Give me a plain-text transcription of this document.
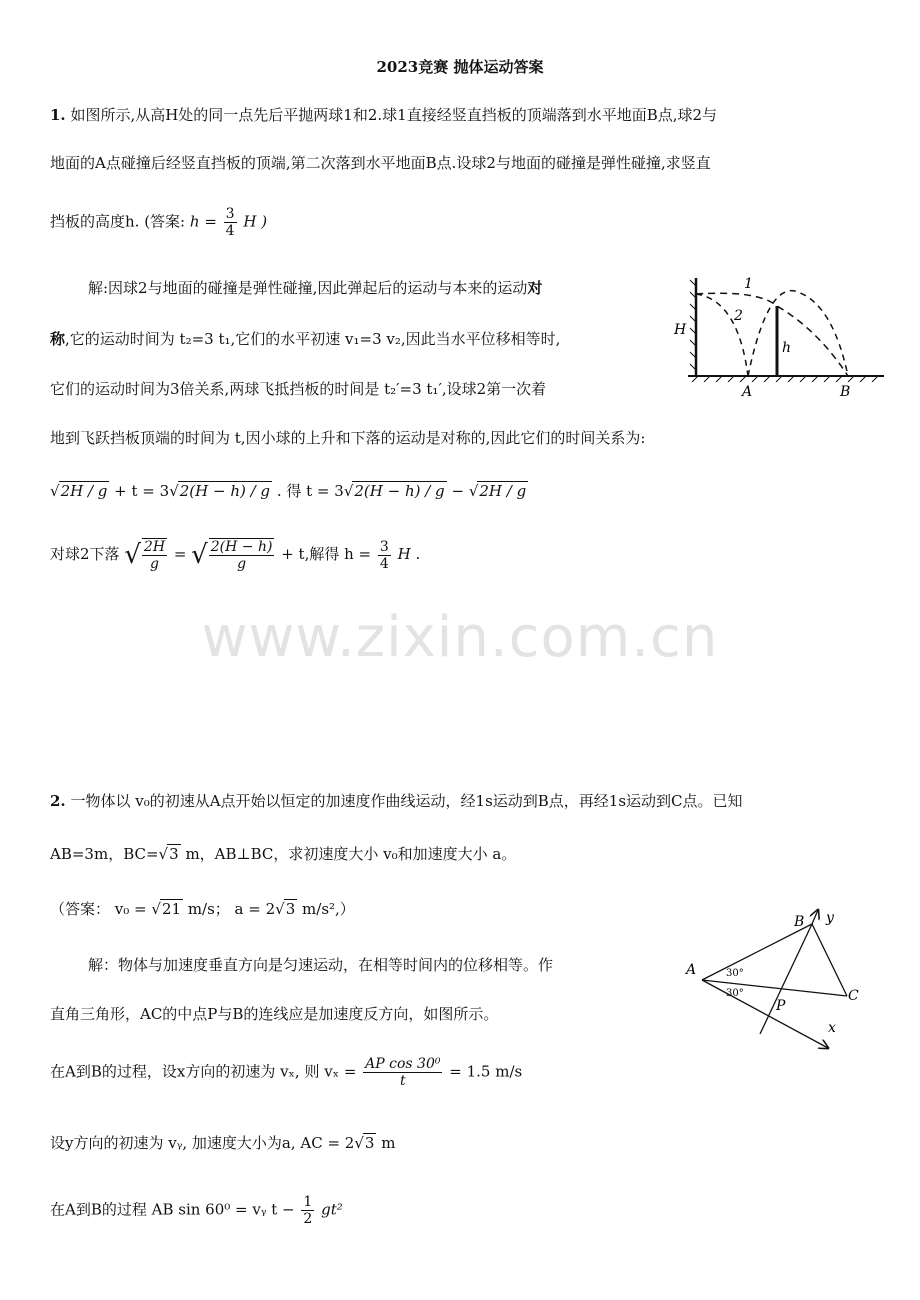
2023竞赛 抛体运动答案
1. 如图所示,从高H处的同一点先后平抛两球1和2.球1直接经竖直挡板的顶端落到水平地面B点,球2与
地面的A点碰撞后经竖直挡板的顶端,第二次落到水平地面B点.设球2与地面的碰撞是弹性碰撞,求竖直
挡板的高度h. (答案: $h = \frac{3}{4}$ H )
解:因球2与地面的碰撞是弹性碰撞,因此弹起后的运动与本来的运动对
称,它的运动时间为 t₂=3 t₁,它们的水平初速 v₁=3 v₂,因此当水平位移相等时,
它们的运动时间为3倍关系,两球飞抵挡板的时间是 t₂′=3 t₁′,设球2第一次着
地到飞跃挡板顶端的时间为 t,因小球的上升和下落的运动是对称的,因此它们的时间关系为:
√2H / g + t = 3√2(H − h) / g . 得 t = 3√2(H − h) / g − √2H / g
对球2下落 √ $\frac{2H}{g}$ = √ $\frac{2(H - h)}{g} + t$,解得 $h = \frac{3}{4}$ H .
H
h
A	B
1
2
www.zixin.com.cn
2. 一物体以 v₀的初速从A点开始以恒定的加速度作曲线运动，经1s运动到B点，再经1s运动到C点。已知
AB=3m，BC=√3 m，AB⊥BC，求初速度大小 v₀和加速度大小 a。
（答案： v₀ = √21 m/s； a = 2√3 m/s²,）
解：物体与加速度垂直方向是匀速运动，在相等时间内的位移相等。作
直角三角形，AC的中点P与B的连线应是加速度反方向，如图所示。
在A到B的过程，设x方向的初速为 vₓ, 则 $v_x = \frac{\text{AP cos 30⁰}}{t} = 1.5$ m/s
设y方向的初速为 vᵧ, 加速度大小为a, AC = 2√3 m
在A到B的过程 AB sin 60⁰ = vᵧ $t - \frac{1}{2} gt^2$
A
B
C
P
x
y
30°
30°
